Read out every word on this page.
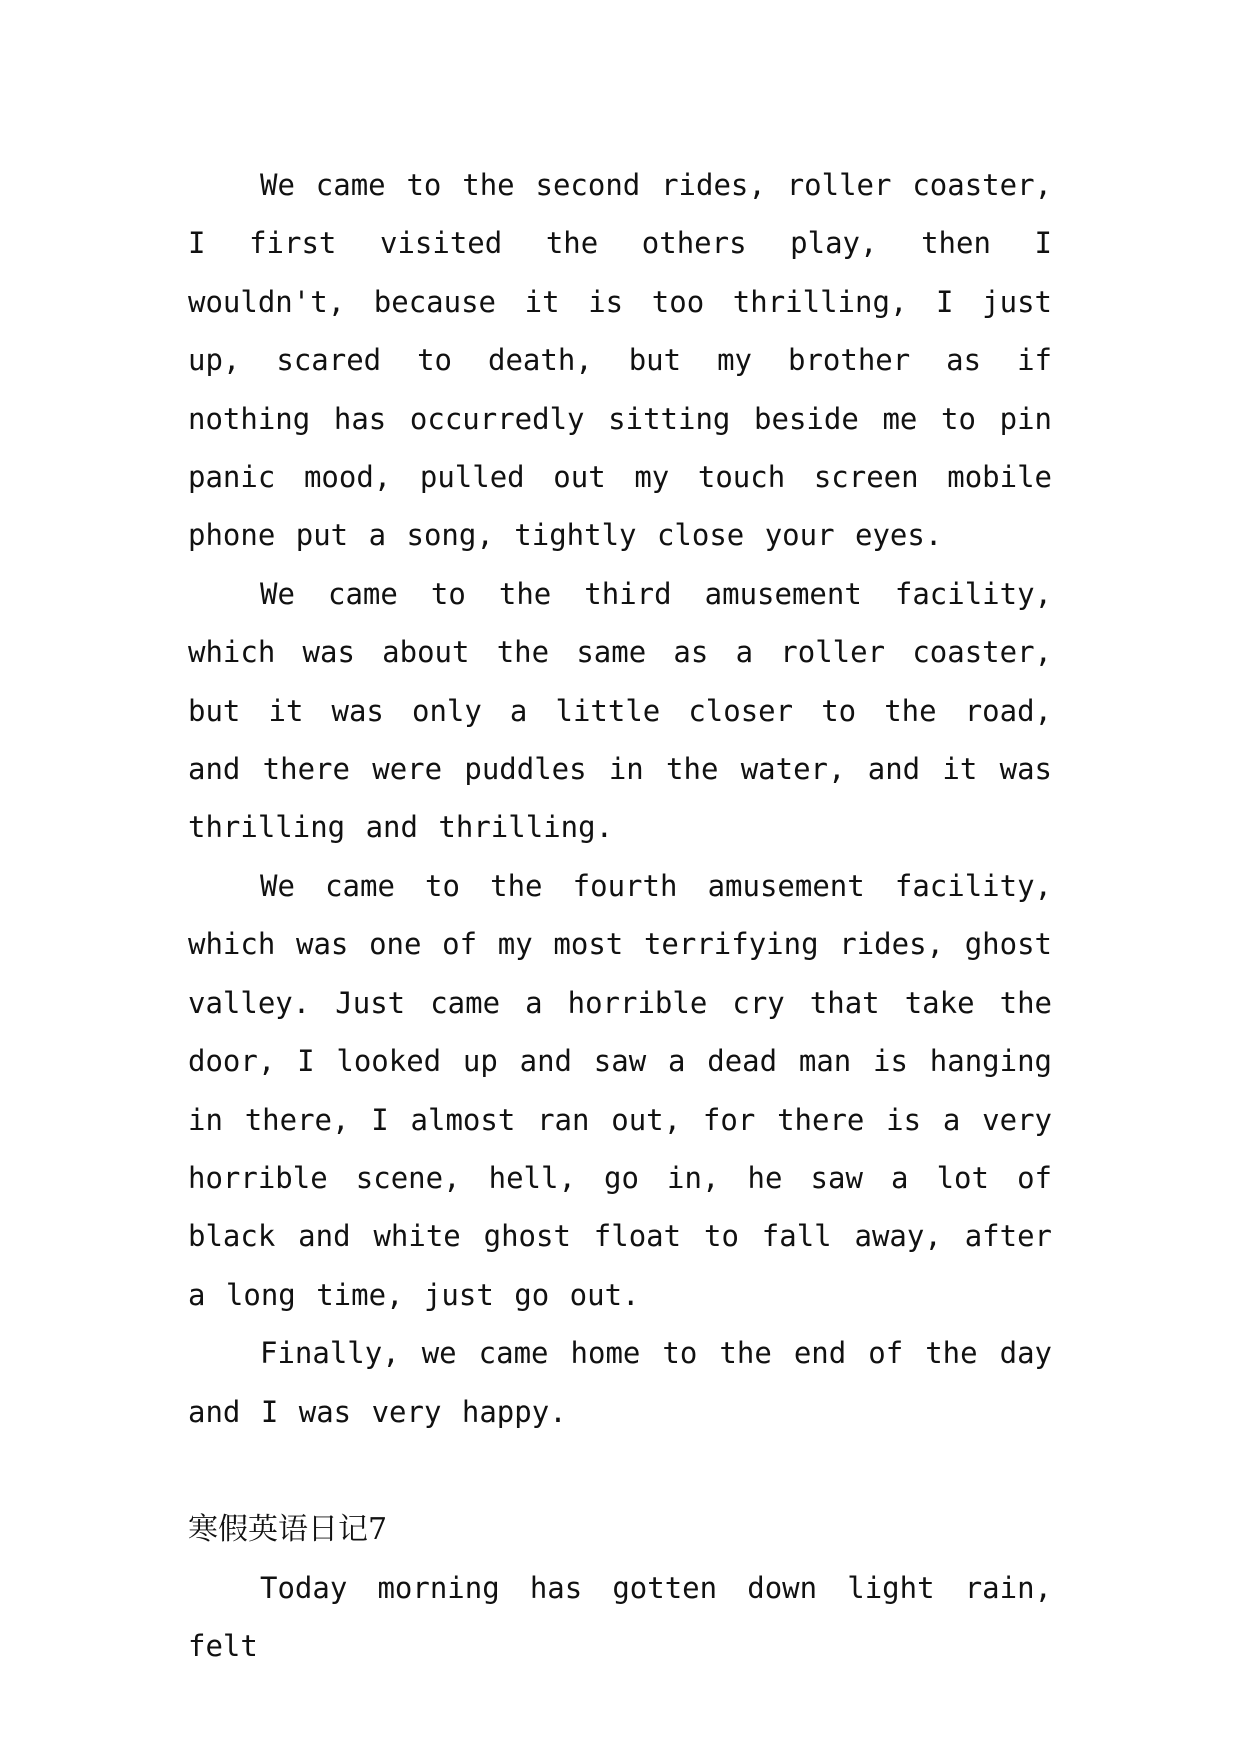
We came to the second rides, roller coaster, I first visited the others play, then I wouldn't, because it is too thrilling, I just up, scared to death, but my brother as if nothing has occurredly sitting beside me to pin panic mood, pulled out my touch screen mobile phone put a song, tightly close your eyes.

We came to the third amusement facility, which was about the same as a roller coaster, but it was only a little closer to the road, and there were puddles in the water, and it was thrilling and thrilling.

We came to the fourth amusement facility, which was one of my most terrifying rides, ghost valley. Just came a horrible cry that take the door, I looked up and saw a dead man is hanging in there, I almost ran out, for there is a very horrible scene, hell, go in, he saw a lot of black and white ghost float to fall away, after a long time, just go out.

Finally, we came home to the end of the day and I was very happy.

寒假英语日记7

Today morning has gotten down light rain, felt
